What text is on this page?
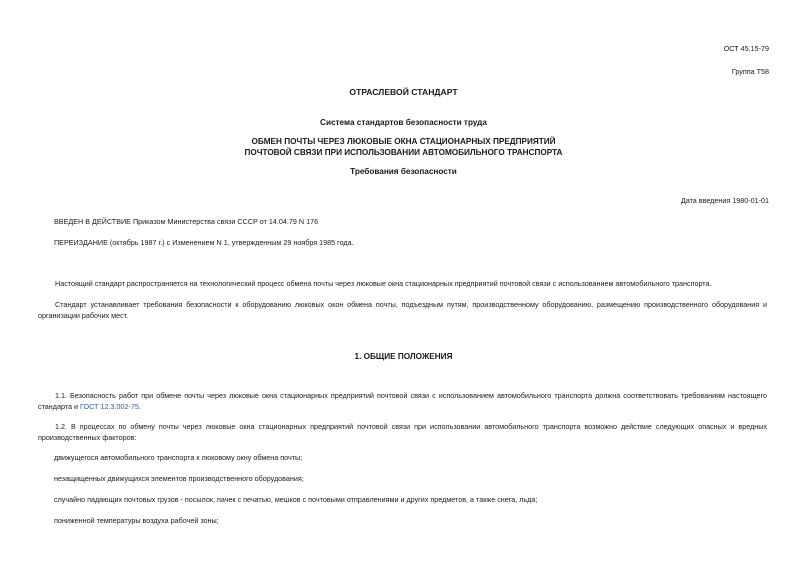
ОСТ 45.15-79
Группа Т58
ОТРАСЛЕВОЙ СТАНДАРТ
Система стандартов безопасности труда
ОБМЕН ПОЧТЫ ЧЕРЕЗ ЛЮКОВЫЕ ОКНА СТАЦИОНАРНЫХ ПРЕДПРИЯТИЙ
ПОЧТОВОЙ СВЯЗИ ПРИ ИСПОЛЬЗОВАНИИ АВТОМОБИЛЬНОГО ТРАНСПОРТА
Требования безопасности
Дата введения 1980-01-01
ВВЕДЕН В ДЕЙСТВИЕ Приказом Министерства связи СССР от 14.04.79 N 176
ПЕРЕИЗДАНИЕ (октябрь 1987 г.) с Изменением N 1, утвержденным 29 ноября 1985 года.
Настоящий стандарт распространяется на технологический процесс обмена почты через люковые окна стационарных предприятий почтовой связи с использованием автомобильного транспорта.
Стандарт устанавливает требования безопасности к оборудованию люковых окон обмена почты, подъездным путям, производственному оборудованию, размещению производственного оборудования и организации рабочих мест.
1. ОБЩИЕ ПОЛОЖЕНИЯ
1.1. Безопасность работ при обмене почты через люковые окна стационарных предприятий почтовой связи с использованием автомобильного транспорта должна соответствовать требованиям настоящего стандарта и ГОСТ 12.3.002-75.
1.2. В процессах по обмену почты через люковые окна стационарных предприятий почтовой связи при использовании автомобильного транспорта возможно действие следующих опасных и вредных производственных факторов:
движущегося автомобильного транспорта к люковому окну обмена почты;
незащищенных движущихся элементов производственного оборудования;
случайно падающих почтовых грузов - посылок, пачек с печатью, мешков с почтовыми отправлениями и других предметов, а также снега, льда;
пониженной температуры воздуха рабочей зоны;
